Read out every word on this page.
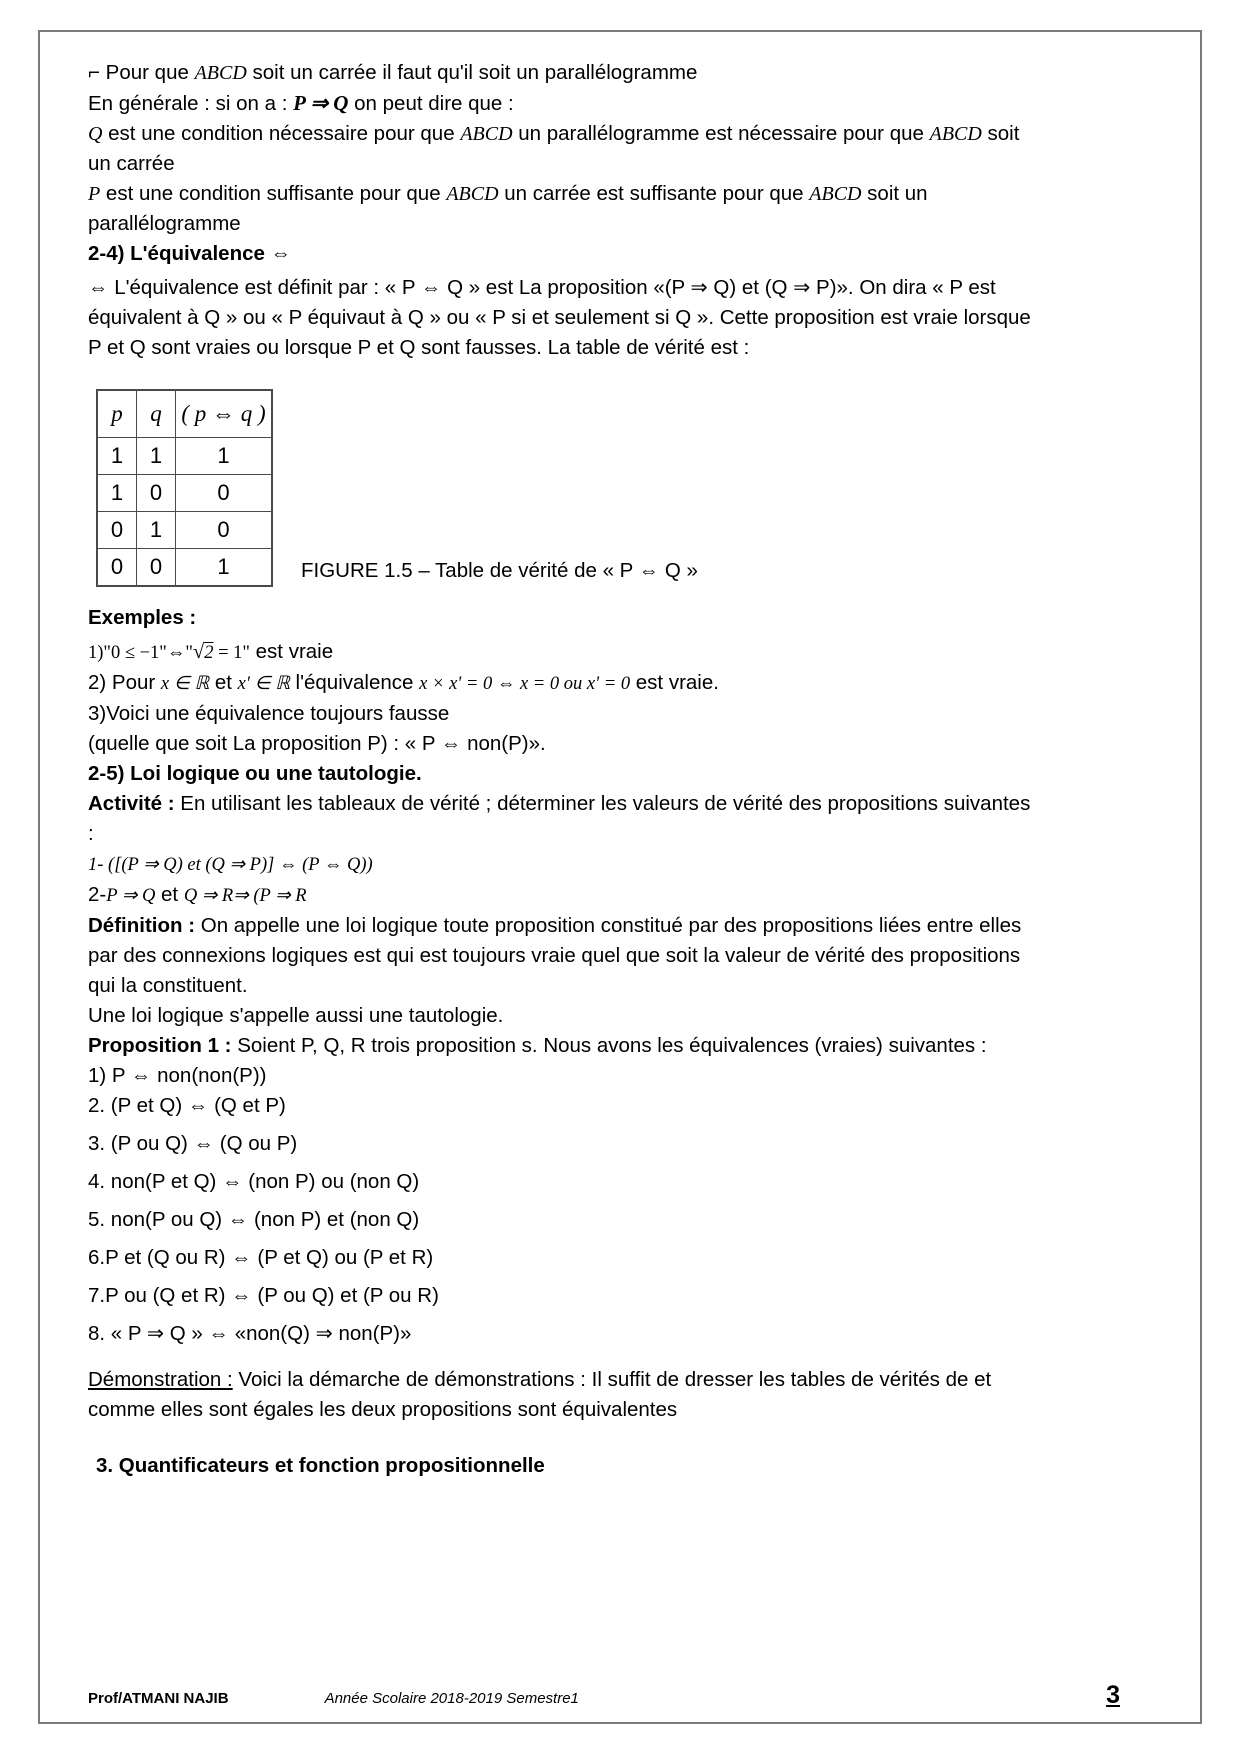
⌐ Pour que ABCD soit un carrée il faut qu'il soit un parallélogramme
En générale : si on a : P ⇒ Q on peut dire que :
Q est une condition nécessaire pour que ABCD un parallélogramme est nécessaire pour que ABCD soit un carrée
P est une condition suffisante pour que ABCD un carrée est suffisante pour que ABCD soit un parallélogramme
2-4) L'équivalence ⇔
⇔ L'équivalence est définit par : « P ⇔ Q » est La proposition «(P ⇒ Q) et (Q ⇒ P)». On dira « P est équivalent à Q » ou « P équivaut à Q » ou « P si et seulement si Q ». Cette proposition est vraie lorsque P et Q sont vraies ou lorsque P et Q sont fausses. La table de vérité est :
p	q	( p ⇔ q )
1	1	1
1	0	0
0	1	0
0	0	1	FIGURE 1.5 – Table de vérité de « P ⇔ Q »
Exemples :
1)"0 ≤ −1"⇔"√2 = 1" est vraie
2) Pour x ∈ ℝ et x' ∈ ℝ l'équivalence x × x' = 0 ⇔ x = 0 ou x' = 0 est vraie.
3)Voici une équivalence toujours fausse
(quelle que soit La proposition P) : « P ⇔ non(P)».
2-5) Loi logique ou une tautologie.
Activité : En utilisant les tableaux de vérité ; déterminer les valeurs de vérité des propositions suivantes :
1- ([(P ⇒ Q) et (Q ⇒ P)] ⇔ (P ⇔ Q))
2-P ⇒ Q et Q ⇒ R⇒ (P ⇒ R
Définition : On appelle une loi logique toute proposition constitué par des propositions liées entre elles par des connexions logiques est qui est toujours vraie quel que soit la valeur de vérité des propositions qui la constituent.
Une loi logique s'appelle aussi une tautologie.
Proposition 1 : Soient P, Q, R trois proposition s. Nous avons les équivalences (vraies) suivantes :
1) P ⇔ non(non(P))
2. (P et Q) ⇔ (Q et P)
3. (P ou Q) ⇔ (Q ou P)
4. non(P et Q) ⇔ (non P) ou (non Q)
5. non(P ou Q) ⇔ (non P) et (non Q)
6.P et (Q ou R) ⇔ (P et Q) ou (P et R)
7.P ou (Q et R) ⇔ (P ou Q) et (P ou R)
8. « P ⇒ Q » ⇔ «non(Q) ⇒ non(P)»
Démonstration : Voici la démarche de démonstrations : Il suffit de dresser les tables de vérités de et comme elles sont égales les deux propositions sont équivalentes
3. Quantificateurs et fonction propositionnelle
Prof/ATMANI NAJIB	Année Scolaire 2018-2019 Semestre1	3
